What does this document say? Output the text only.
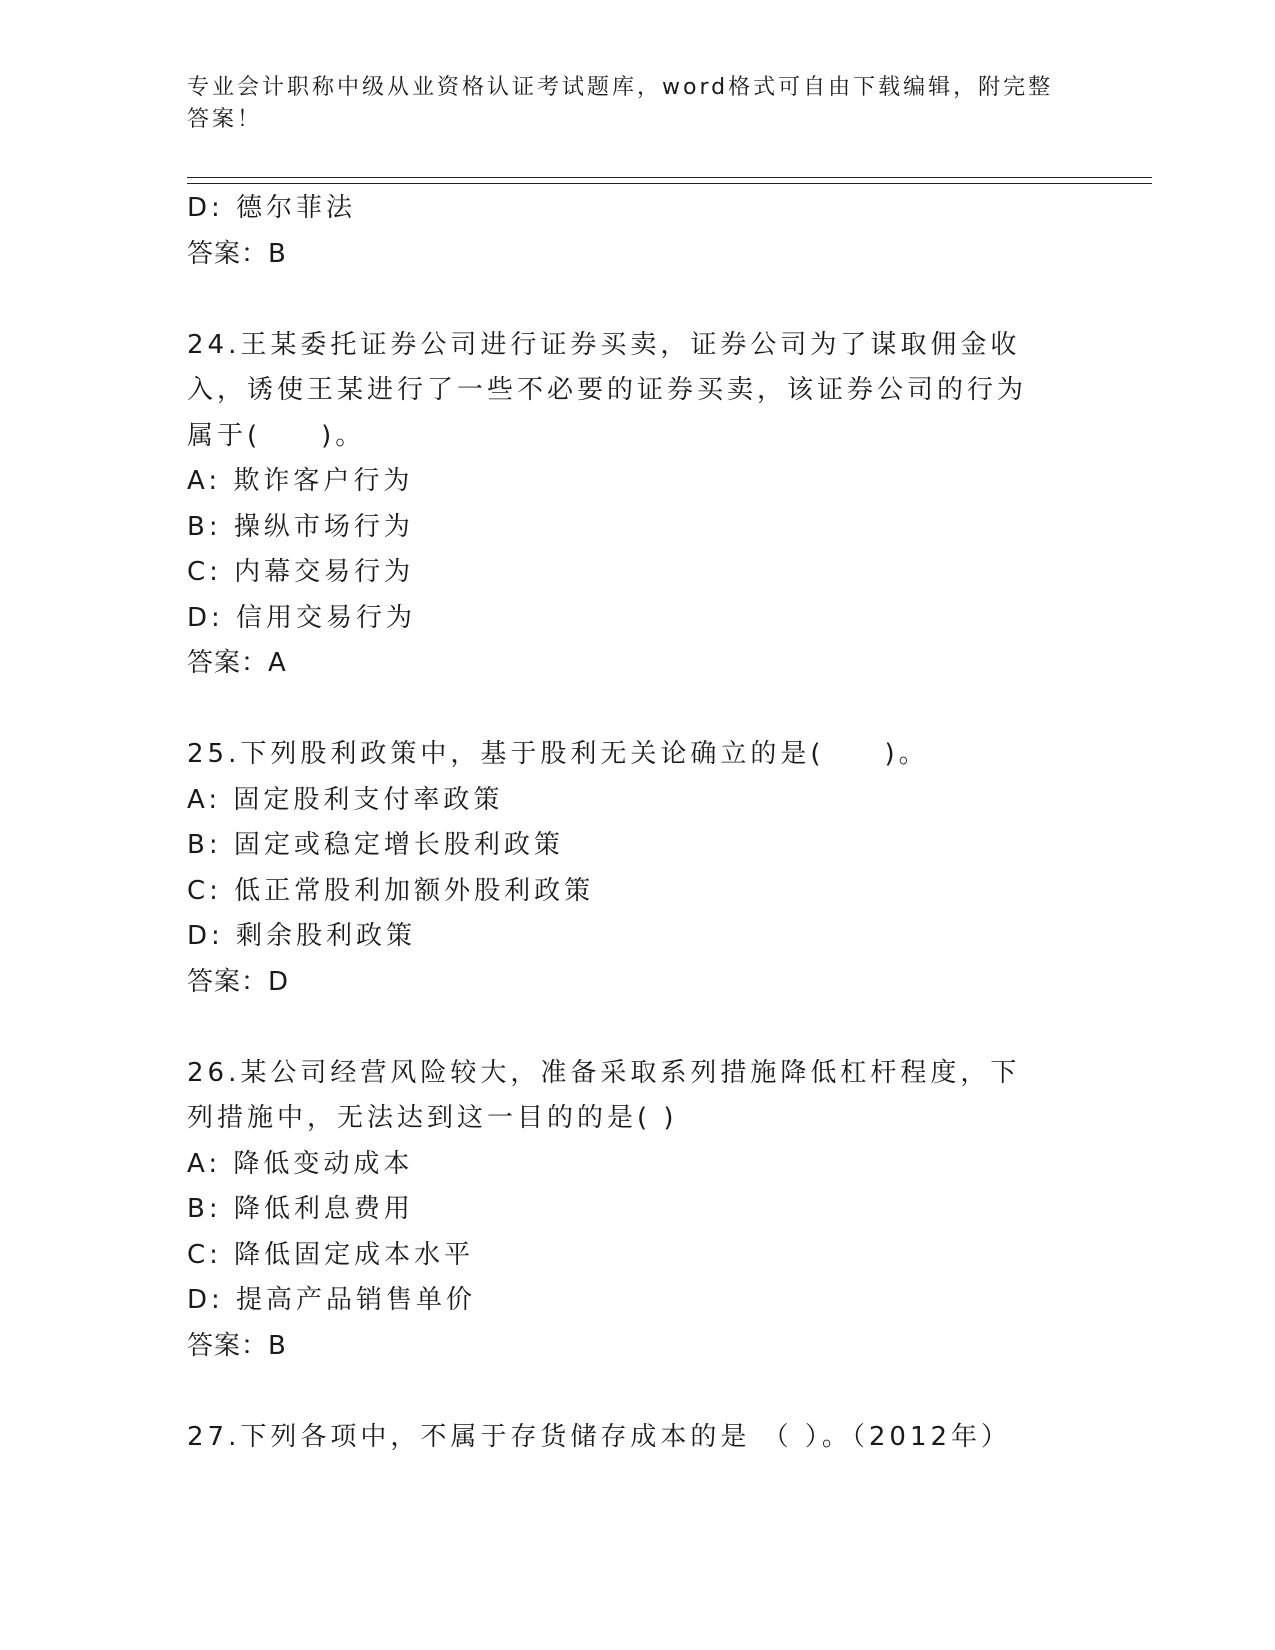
专业会计职称中级从业资格认证考试题库，word格式可自由下载编辑，附完整答案！
D: 德尔菲法
答案：B
24.王某委托证券公司进行证券买卖，证券公司为了谋取佣金收入，诱使王某进行了一些不必要的证券买卖，该证券公司的行为属于(　　)。
A: 欺诈客户行为
B: 操纵市场行为
C: 内幕交易行为
D: 信用交易行为
答案：A
25.下列股利政策中，基于股利无关论确立的是(　　)。
A: 固定股利支付率政策
B: 固定或稳定增长股利政策
C: 低正常股利加额外股利政策
D: 剩余股利政策
答案：D
26.某公司经营风险较大，准备采取系列措施降低杠杆程度，下列措施中，无法达到这一目的的是( )
A: 降低变动成本
B: 降低利息费用
C: 降低固定成本水平
D: 提高产品销售单价
答案：B
27.下列各项中，不属于存货储存成本的是 （ ）。（2012年）
